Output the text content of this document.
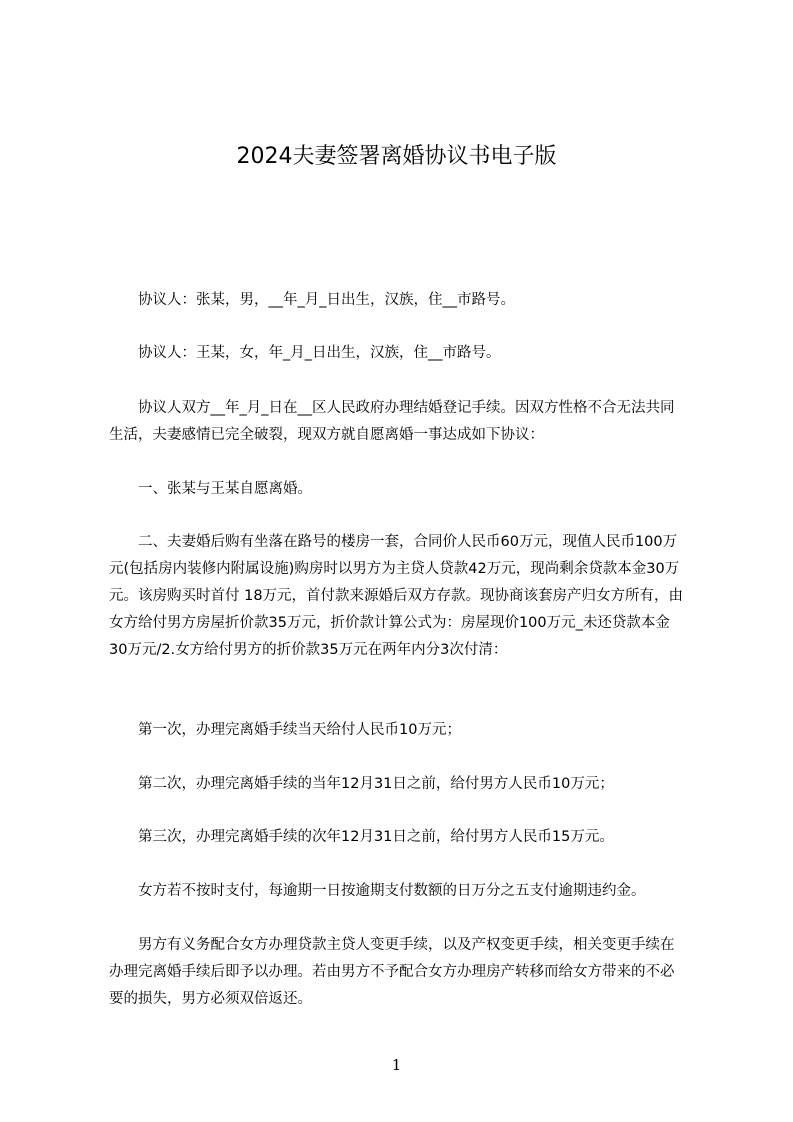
2024夫妻签署离婚协议书电子版

协议人：张某，男，__年_月_日出生，汉族，住__市路号。

协议人：王某，女，年_月_日出生，汉族，住__市路号。

协议人双方__年_月_日在__区人民政府办理结婚登记手续。因双方性格不合无法共同生活，夫妻感情已完全破裂，现双方就自愿离婚一事达成如下协议：

一、张某与王某自愿离婚。

二、夫妻婚后购有坐落在路号的楼房一套，合同价人民币60万元，现值人民币100万元(包括房内装修内附属设施)购房时以男方为主贷人贷款42万元，现尚剩余贷款本金30万元。该房购买时首付 18万元，首付款来源婚后双方存款。现协商该套房产归女方所有，由女方给付男方房屋折价款35万元，折价款计算公式为：房屋现价100万元_未还贷款本金30万元/2.女方给付男方的折价款35万元在两年内分3次付清：

第一次，办理完离婚手续当天给付人民币10万元；

第二次，办理完离婚手续的当年12月31日之前，给付男方人民币10万元；

第三次，办理完离婚手续的次年12月31日之前，给付男方人民币15万元。

女方若不按时支付，每逾期一日按逾期支付数额的日万分之五支付逾期违约金。

男方有义务配合女方办理贷款主贷人变更手续，以及产权变更手续，相关变更手续在办理完离婚手续后即予以办理。若由男方不予配合女方办理房产转移而给女方带来的不必要的损失，男方必须双倍返还。

1
